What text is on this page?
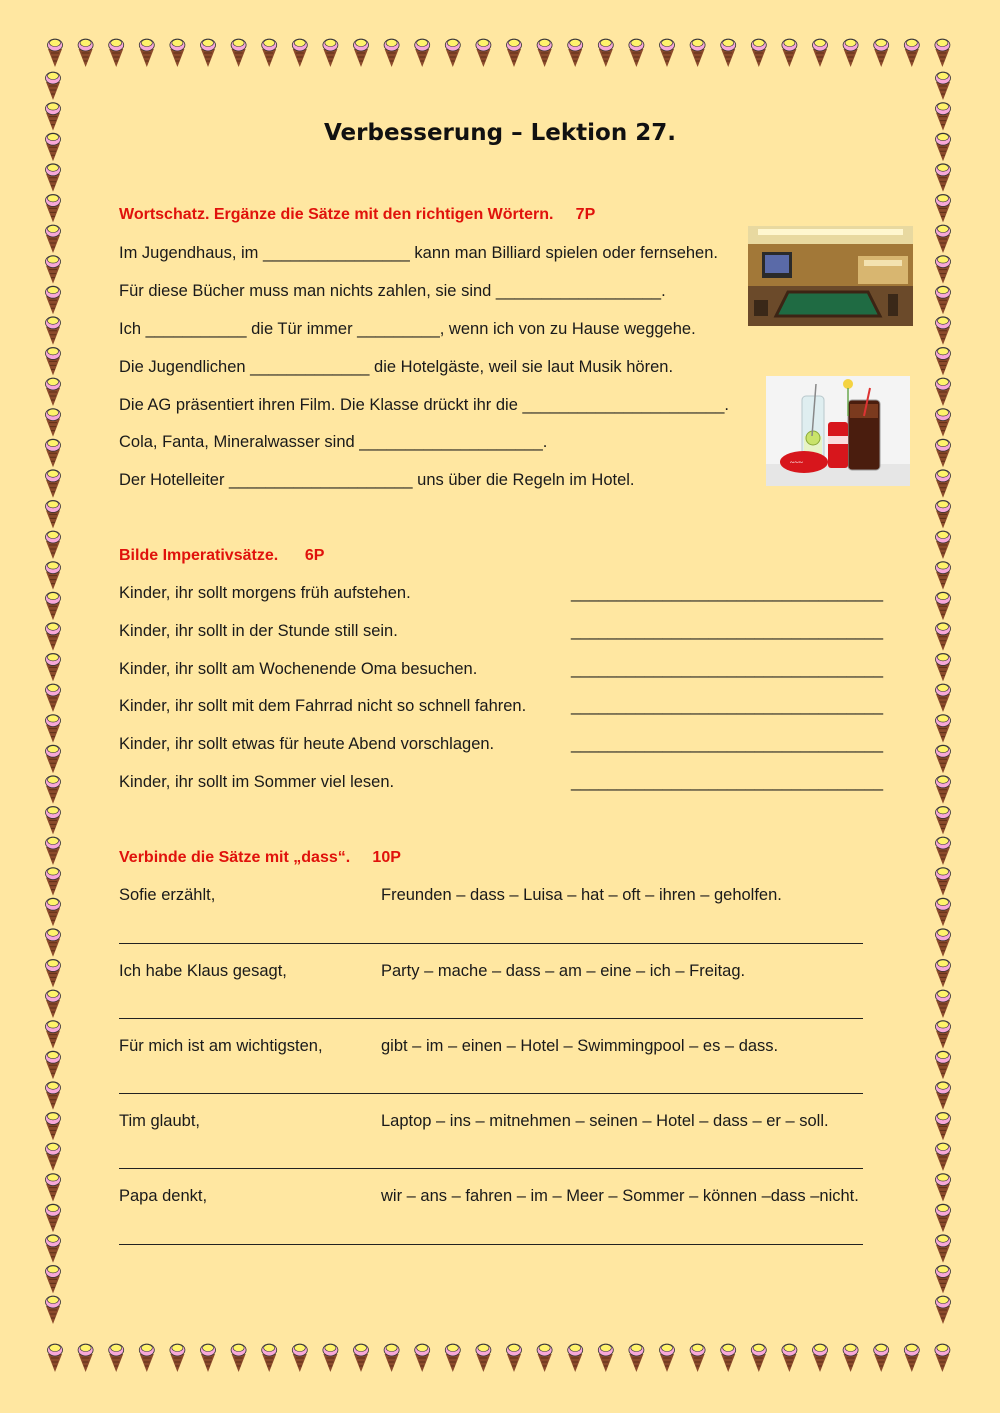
Verbesserung – Lektion 27.
Wortschatz. Ergänze die Sätze mit den richtigen Wörtern.     7P
Im Jugendhaus, im ________________ kann man Billiard spielen oder fernsehen.
Für diese Bücher muss man nichts zahlen, sie sind __________________.
Ich ___________ die Tür immer _________, wenn ich von zu Hause weggehe.
Die Jugendlichen _____________ die Hotelgäste, weil sie laut Musik hören.
Die AG präsentiert ihren Film. Die Klasse drückt ihr die ______________________.
Cola, Fanta, Mineralwasser sind ____________________.
Der Hotelleiter ____________________ uns über die Regeln im Hotel.
~~~
Bilde Imperativsätze.      6P
Kinder, ihr sollt morgens früh aufstehen.	__________________________________
Kinder, ihr sollt in der Stunde still sein.	__________________________________
Kinder, ihr sollt am Wochenende Oma besuchen.	__________________________________
Kinder, ihr sollt mit dem Fahrrad nicht so schnell fahren.	__________________________________
Kinder, ihr sollt etwas für heute Abend vorschlagen.	__________________________________
Kinder, ihr sollt im Sommer viel lesen.	__________________________________
Verbinde die Sätze mit „dass“.     10P
Sofie erzählt,	Freunden – dass – Luisa – hat – oft – ihren – geholfen.
Ich habe Klaus gesagt,	Party – mache – dass – am – eine – ich – Freitag.
Für mich ist am wichtigsten,	gibt – im – einen – Hotel – Swimmingpool – es – dass.
Tim glaubt,	Laptop – ins – mitnehmen – seinen – Hotel – dass – er – soll.
Papa denkt,	wir – ans – fahren – im – Meer – Sommer – können –dass –nicht.
